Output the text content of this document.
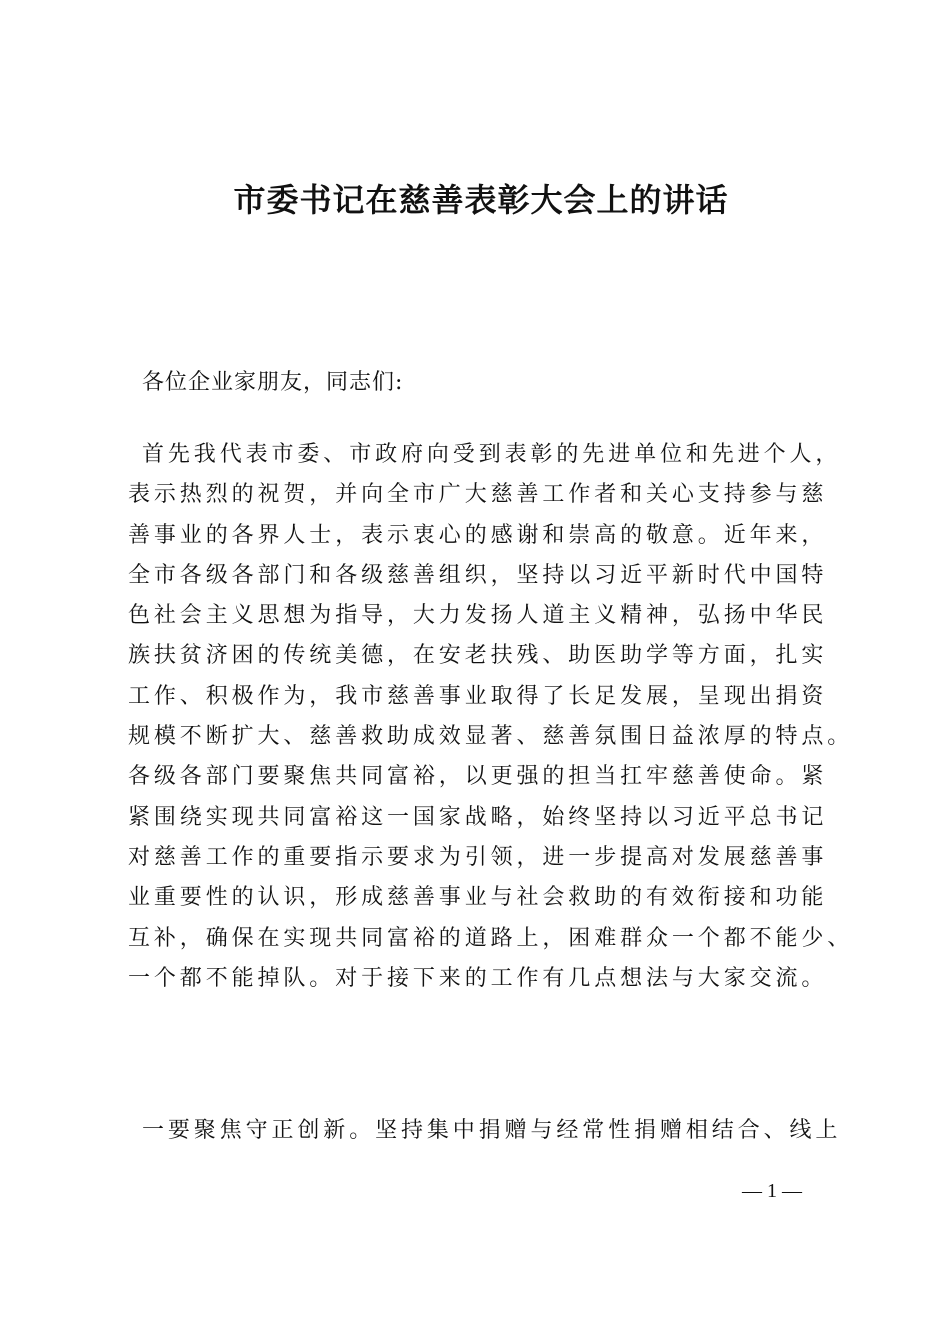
市委书记在慈善表彰大会上的讲话
各位企业家朋友，同志们:
首先我代表市委、市政府向受到表彰的先进单位和先进个人，
表示热烈的祝贺，并向全市广大慈善工作者和关心支持参与慈
善事业的各界人士，表示衷心的感谢和崇高的敬意。近年来，
全市各级各部门和各级慈善组织，坚持以习近平新时代中国特
色社会主义思想为指导，大力发扬人道主义精神，弘扬中华民
族扶贫济困的传统美德，在安老扶残、助医助学等方面，扎实
工作、积极作为，我市慈善事业取得了长足发展，呈现出捐资
规模不断扩大、慈善救助成效显著、慈善氛围日益浓厚的特点。
各级各部门要聚焦共同富裕，以更强的担当扛牢慈善使命。紧
紧围绕实现共同富裕这一国家战略，始终坚持以习近平总书记
对慈善工作的重要指示要求为引领，进一步提高对发展慈善事
业重要性的认识，形成慈善事业与社会救助的有效衔接和功能
互补，确保在实现共同富裕的道路上，困难群众一个都不能少、
一个都不能掉队。对于接下来的工作有几点想法与大家交流。
一要聚焦守正创新。坚持集中捐赠与经常性捐赠相结合、线上
— 1 —
